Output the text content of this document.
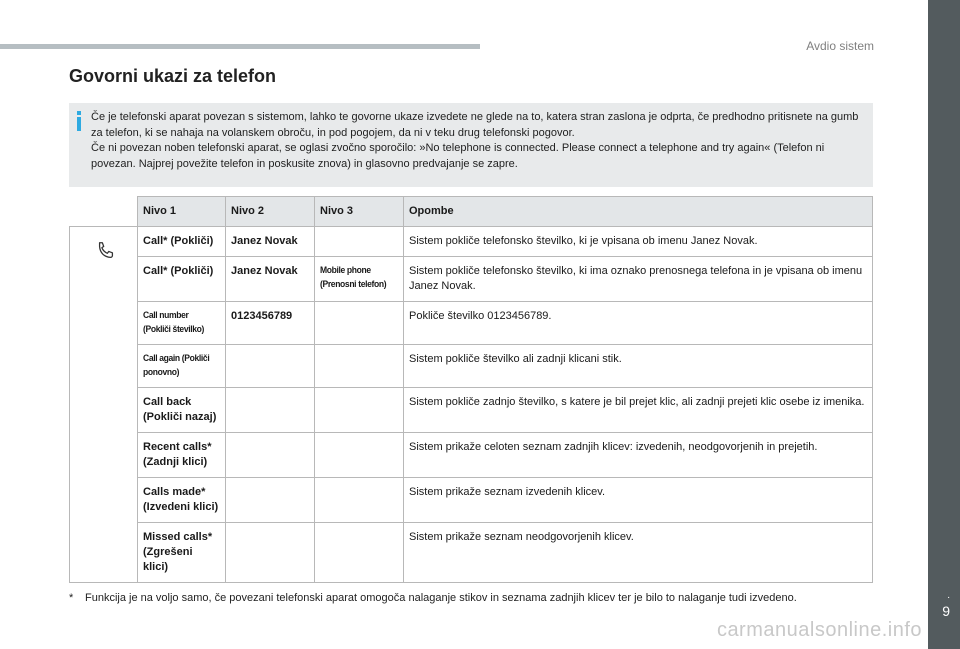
Avdio sistem
Govorni ukazi za telefon

Če je telefonski aparat povezan s sistemom, lahko te govorne ukaze izvedete ne glede na to, katera stran zaslona je odprta, če predhodno pritisnete na gumb za telefon, ki se nahaja na volanskem obroču, in pod pogojem, da ni v teku drug telefonski pogovor.

Če ni povezan noben telefonski aparat, se oglasi zvočno sporočilo: »No telephone is connected. Please connect a telephone and try again« (Telefon ni povezan. Najprej povežite telefon in poskusite znova) in glasovno predvajanje se zapre.

	Nivo 1	Nivo 2	Nivo 3	Opombe
	Call* (Pokliči)	Janez Novak		Sistem pokliče telefonsko številko, ki je vpisana ob imenu Janez Novak.
	Call* (Pokliči)	Janez Novak	Mobile phone (Prenosni telefon)	Sistem pokliče telefonsko številko, ki ima oznako prenosnega telefona in je vpisana ob imenu Janez Novak.
	Call number (Pokliči številko)	0123456789		Pokliče številko 0123456789.
	Call again (Pokliči ponovno)			Sistem pokliče številko ali zadnji klicani stik.
	Call back (Pokliči nazaj)			Sistem pokliče zadnjo številko, s katere je bil prejet klic, ali zadnji prejeti klic osebe iz imenika.
	Recent calls* (Zadnji klici)			Sistem prikaže celoten seznam zadnjih klicev: izvedenih, neodgovorjenih in prejetih.
	Calls made* (Izvedeni klici)			Sistem prikaže seznam izvedenih klicev.
	Missed calls* (Zgrešeni klici)			Sistem prikaže seznam neodgovorjenih klicev.
* Funkcija je na voljo samo, če povezani telefonski aparat omogoča nalaganje stikov in seznama zadnjih klicev ter je bilo to nalaganje tudi izvedeno.	.
9
carmanualsonline.info
